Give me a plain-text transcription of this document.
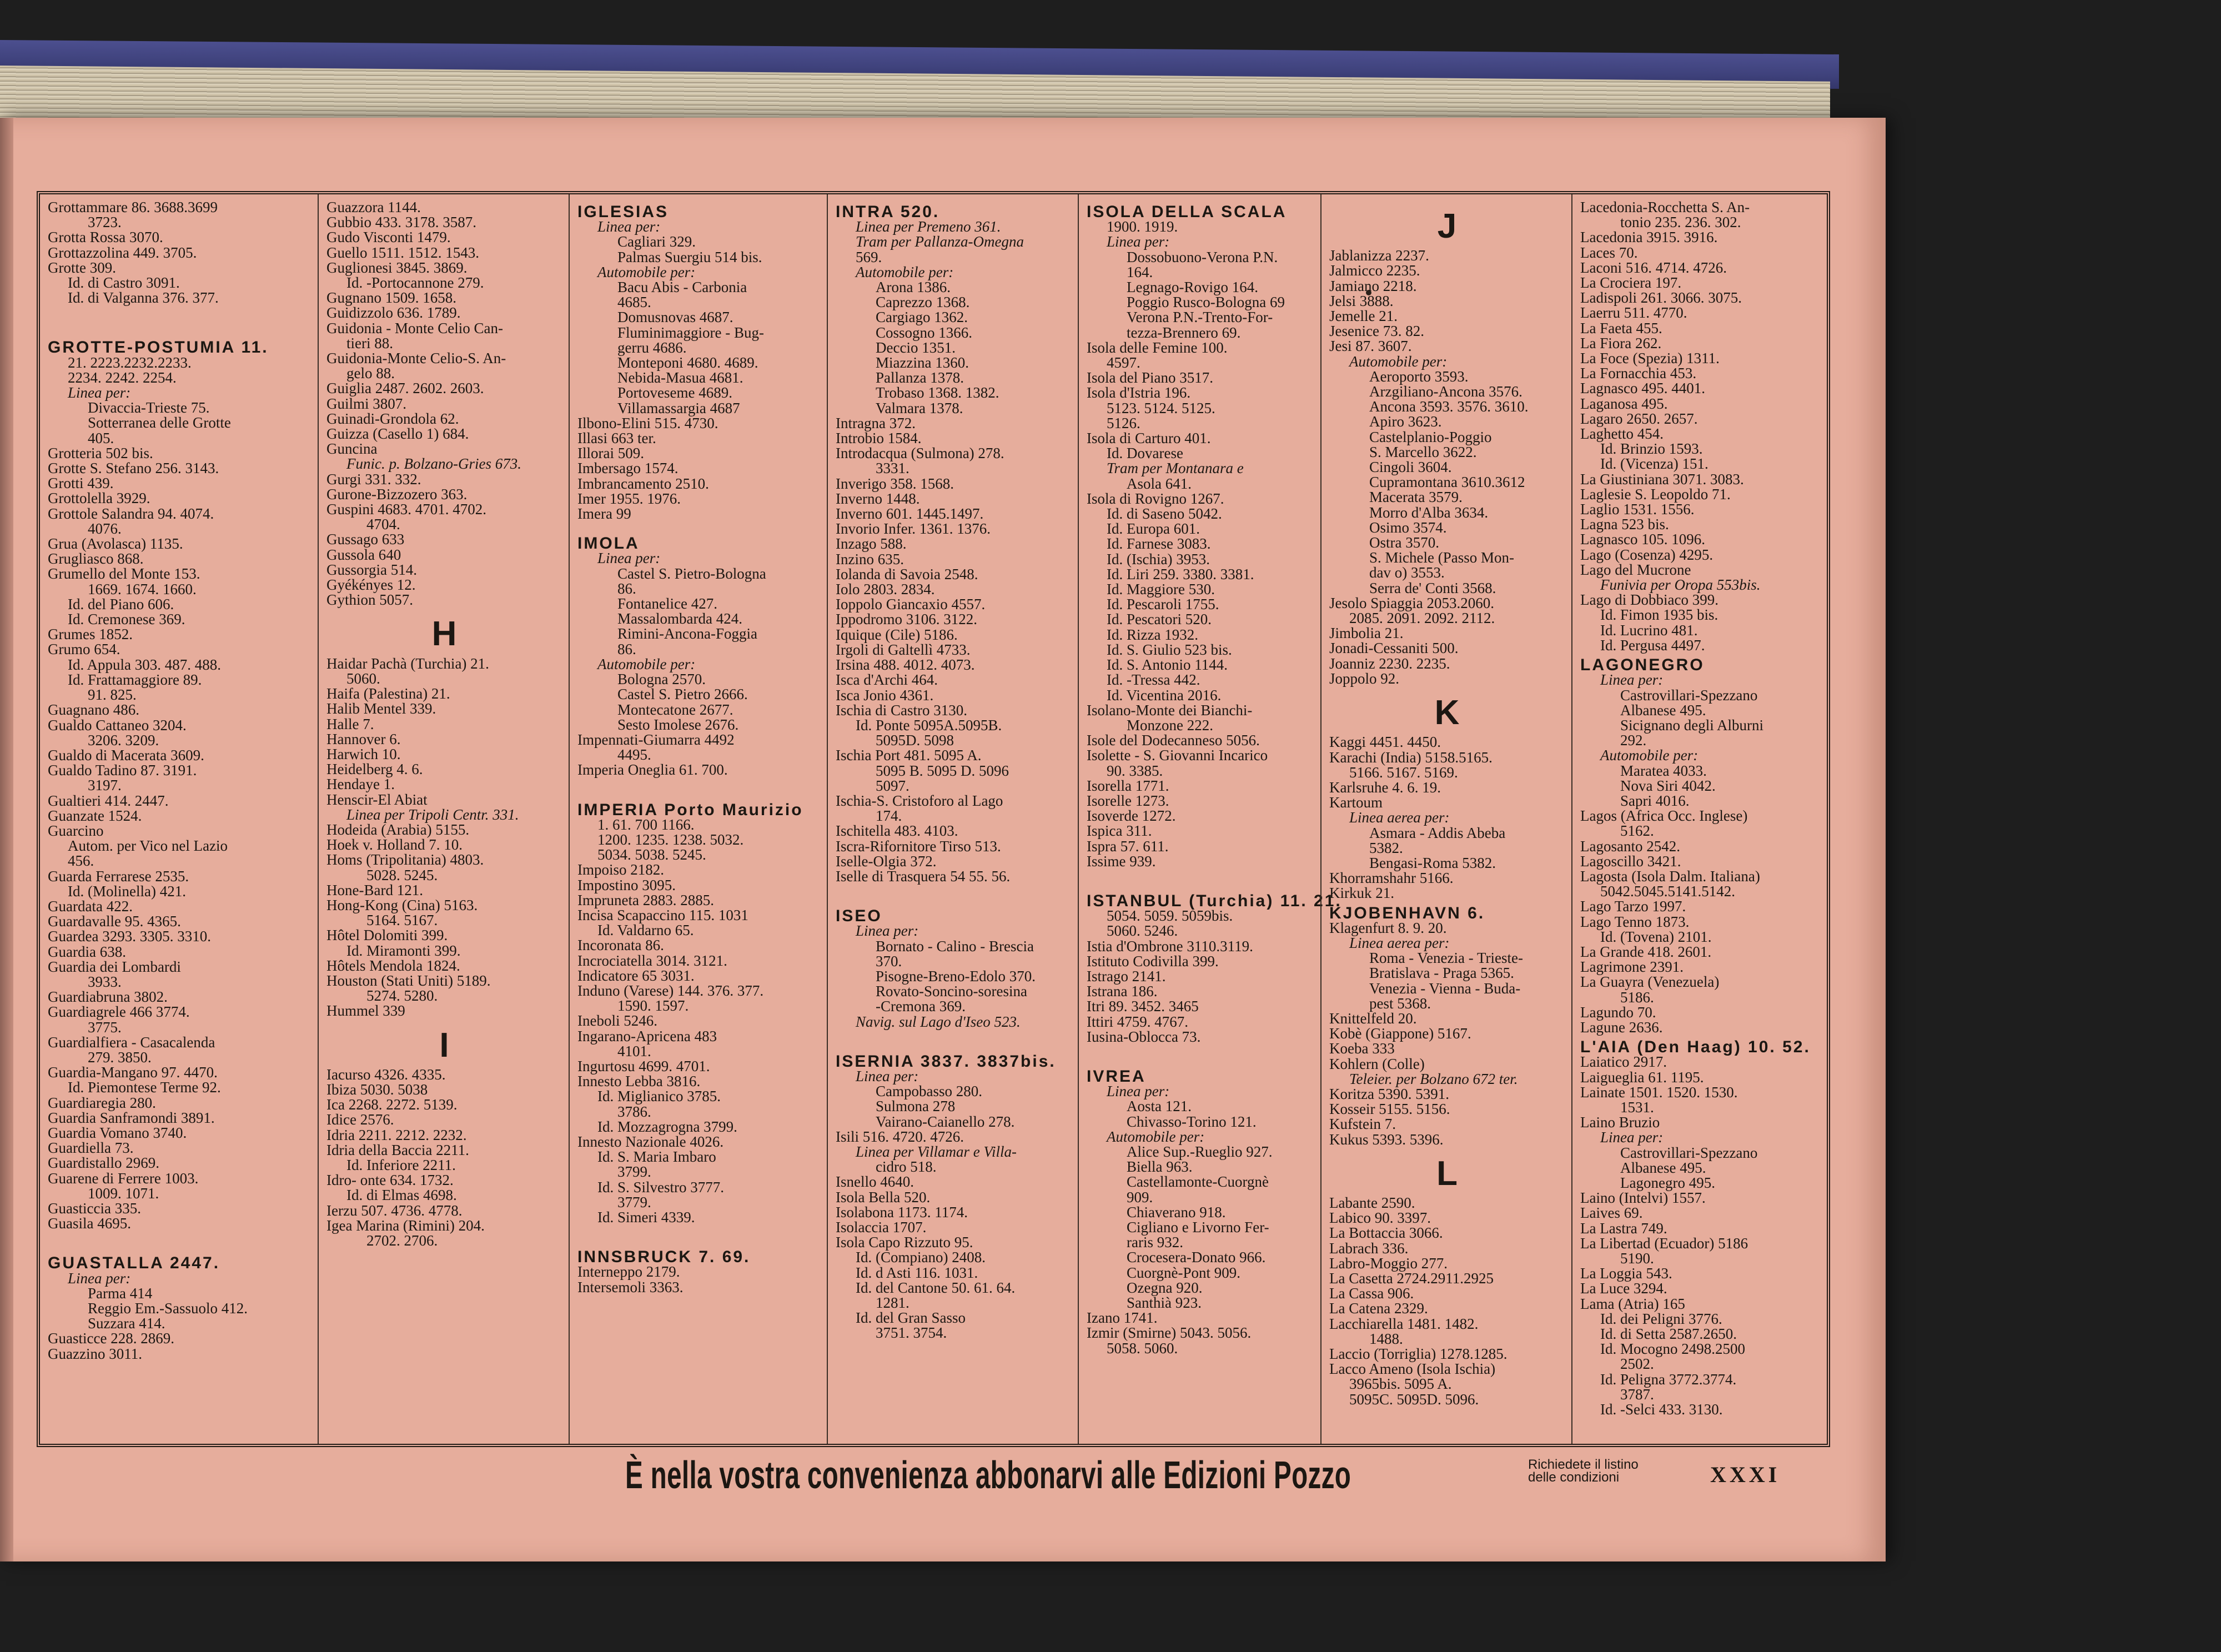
Grottammare 86. 3688.3699
3723.
Grotta Rossa 3070.
Grottazzolina 449. 3705.
Grotte 309.
Id. di Castro 3091.
Id. di Valganna 376. 377.
GROTTE-POSTUMIA 11.
21. 2223.2232.2233.
2234. 2242. 2254.
Linea per:
Divaccia-Trieste 75.
Sotterranea delle Grotte
405.
Grotteria 502 bis.
Grotte S. Stefano 256. 3143.
Grotti 439.
Grottolella 3929.
Grottole Salandra 94. 4074.
4076.
Grua (Avolasca) 1135.
Grugliasco 868.
Grumello del Monte 153.
1669. 1674. 1660.
Id. del Piano 606.
Id. Cremonese 369.
Grumes 1852.
Grumo 654.
Id. Appula 303. 487. 488.
Id. Frattamaggiore 89.
91. 825.
Guagnano 486.
Gualdo Cattaneo 3204.
3206. 3209.
Gualdo di Macerata 3609.
Gualdo Tadino 87. 3191.
3197.
Gualtieri 414. 2447.
Guanzate 1524.
Guarcino
Autom. per Vico nel Lazio
456.
Guarda Ferrarese 2535.
Id. (Molinella) 421.
Guardata 422.
Guardavalle 95. 4365.
Guardea 3293. 3305. 3310.
Guardia 638.
Guardia dei Lombardi
3933.
Guardiabruna 3802.
Guardiagrele 466 3774.
3775.
Guardialfiera - Casacalenda
279. 3850.
Guardia-Mangano 97. 4470.
Id. Piemontese Terme 92.
Guardiaregia 280.
Guardia Sanframondi 3891.
Guardia Vomano 3740.
Guardiella 73.
Guardistallo 2969.
Guarene di Ferrere 1003.
1009. 1071.
Guasticcia 335.
Guasila 4695.
GUASTALLA 2447.
Linea per:
Parma 414
Reggio Em.-Sassuolo 412.
Suzzara 414.
Guasticce 228. 2869.
Guazzino 3011.
Guazzora 1144.
Gubbio 433. 3178. 3587.
Gudo Visconti 1479.
Guello 1511. 1512. 1543.
Guglionesi 3845. 3869.
Id. -Portocannone 279.
Gugnano 1509. 1658.
Guidizzolo 636. 1789.
Guidonia - Monte Celio Can-
tieri 88.
Guidonia-Monte Celio-S. An-
gelo 88.
Guiglia 2487. 2602. 2603.
Guilmi 3807.
Guinadi-Grondola 62.
Guizza (Casello 1) 684.
Guncina
Funic. p. Bolzano-Gries 673.
Gurgi 331. 332.
Gurone-Bizzozero 363.
Guspini 4683. 4701. 4702.
4704.
Gussago 633
Gussola 640
Gussorgia 514.
Gyékényes 12.
Gythion 5057.
H
Haidar Pachà (Turchia) 21.
5060.
Haifa (Palestina) 21.
Halib Mentel 339.
Halle 7.
Hannover 6.
Harwich 10.
Heidelberg 4. 6.
Hendaye 1.
Henscir-El Abiat
Linea per Tripoli Centr. 331.
Hodeida (Arabia) 5155.
Hoek v. Holland 7. 10.
Homs (Tripolitania) 4803.
5028. 5245.
Hone-Bard 121.
Hong-Kong (Cina) 5163.
5164. 5167.
Hôtel Dolomiti 399.
Id. Miramonti 399.
Hôtels Mendola 1824.
Houston (Stati Uniti) 5189.
5274. 5280.
Hummel 339
I
Iacurso 4326. 4335.
Ibiza 5030. 5038
Ica 2268. 2272. 5139.
Idice 2576.
Idria 2211. 2212. 2232.
Idria della Baccia 2211.
Id. Inferiore 2211.
Idro- onte 634. 1732.
Id. di Elmas 4698.
Ierzu 507. 4736. 4778.
Igea Marina (Rimini) 204.
2702. 2706.
IGLESIAS
Linea per:
Cagliari 329.
Palmas Suergiu 514 bis.
Automobile per:
Bacu Abis - Carbonia
4685.
Domusnovas 4687.
Fluminimaggiore - Bug-
gerru 4686.
Monteponi 4680. 4689.
Nebida-Masua 4681.
Portoveseme 4689.
Villamassargia 4687
Ilbono-Elini 515. 4730.
Illasi 663 ter.
Illorai 509.
Imbersago 1574.
Imbrancamento 2510.
Imer 1955. 1976.
Imera 99
IMOLA
Linea per:
Castel S. Pietro-Bologna
86.
Fontanelice 427.
Massalombarda 424.
Rimini-Ancona-Foggia
86.
Automobile per:
Bologna 2570.
Castel S. Pietro 2666.
Montecatone 2677.
Sesto Imolese 2676.
Impennati-Giumarra 4492
4495.
Imperia Oneglia 61. 700.
IMPERIA Porto Maurizio
1. 61. 700 1166.
1200. 1235. 1238. 5032.
5034. 5038. 5245.
Impoiso 2182.
Impostino 3095.
Impruneta 2883. 2885.
Incisa Scapaccino 115. 1031
Id. Valdarno 65.
Incoronata 86.
Incrociatella 3014. 3121.
Indicatore 65 3031.
Induno (Varese) 144. 376. 377.
1590. 1597.
Ineboli 5246.
Ingarano-Apricena 483
4101.
Ingurtosu 4699. 4701.
Innesto Lebba 3816.
Id. Miglianico 3785.
3786.
Id. Mozzagrogna 3799.
Innesto Nazionale 4026.
Id. S. Maria Imbaro
3799.
Id. S. Silvestro 3777.
3779.
Id. Simeri 4339.
INNSBRUCK 7. 69.
Interneppo 2179.
Intersemoli 3363.
INTRA 520.
Linea per Premeno 361.
Tram per Pallanza-Omegna
569.
Automobile per:
Arona 1386.
Caprezzo 1368.
Cargiago 1362.
Cossogno 1366.
Deccio 1351.
Miazzina 1360.
Pallanza 1378.
Trobaso 1368. 1382.
Valmara 1378.
Intragna 372.
Introbio 1584.
Introdacqua (Sulmona) 278.
3331.
Inverigo 358. 1568.
Inverno 1448.
Inverno 601. 1445.1497.
Invorio Infer. 1361. 1376.
Inzago 588.
Inzino 635.
Iolanda di Savoia 2548.
Iolo 2803. 2834.
Ioppolo Giancaxio 4557.
Ippodromo 3106. 3122.
Iquique (Cile) 5186.
Irgoli di Galtellì 4733.
Irsina 488. 4012. 4073.
Isca d'Archi 464.
Isca Jonio 4361.
Ischia di Castro 3130.
Id. Ponte 5095A.5095B.
5095D. 5098
Ischia Port 481. 5095 A.
5095 B. 5095 D. 5096
5097.
Ischia-S. Cristoforo al Lago
174.
Ischitella 483. 4103.
Iscra-Rifornitore Tirso 513.
Iselle-Olgia 372.
Iselle di Trasquera 54 55. 56.
ISEO
Linea per:
Bornato - Calino - Brescia
370.
Pisogne-Breno-Edolo 370.
Rovato-Soncino-soresina
-Cremona 369.
Navig. sul Lago d'Iseo 523.
ISERNIA 3837. 3837bis.
Linea per:
Campobasso 280.
Sulmona 278
Vairano-Caianello 278.
Isili 516. 4720. 4726.
Linea per Villamar e Villa-
cidro 518.
Isnello 4640.
Isola Bella 520.
Isolabona 1173. 1174.
Isolaccia 1707.
Isola Capo Rizzuto 95.
Id. (Compiano) 2408.
Id. d Asti 116. 1031.
Id. del Cantone 50. 61. 64.
1281.
Id. del Gran Sasso
3751. 3754.
ISOLA DELLA SCALA
1900. 1919.
Linea per:
Dossobuono-Verona P.N.
164.
Legnago-Rovigo 164.
Poggio Rusco-Bologna 69
Verona P.N.-Trento-For-
tezza-Brennero 69.
Isola delle Femine 100.
4597.
Isola del Piano 3517.
Isola d'Istria 196.
5123. 5124. 5125.
5126.
Isola di Carturo 401.
Id. Dovarese
Tram per Montanara e
Asola 641.
Isola di Rovigno 1267.
Id. di Saseno 5042.
Id. Europa 601.
Id. Farnese 3083.
Id. (Ischia) 3953.
Id. Liri 259. 3380. 3381.
Id. Maggiore 530.
Id. Pescaroli 1755.
Id. Pescatori 520.
Id. Rizza 1932.
Id. S. Giulio 523 bis.
Id. S. Antonio 1144.
Id. -Tressa 442.
Id. Vicentina 2016.
Isolano-Monte dei Bianchi-
Monzone 222.
Isole del Dodecanneso 5056.
Isolette - S. Giovanni Incarico
90. 3385.
Isorella 1771.
Isorelle 1273.
Isoverde 1272.
Ispica 311.
Ispra 57. 611.
Issime 939.
ISTANBUL (Turchia) 11. 21.
5054. 5059. 5059bis.
5060. 5246.
Istia d'Ombrone 3110.3119.
Istituto Codivilla 399.
Istrago 2141.
Istrana 186.
Itri 89. 3452. 3465
Ittiri 4759. 4767.
Iusina-Oblocca 73.
IVREA
Linea per:
Aosta 121.
Chivasso-Torino 121.
Automobile per:
Alice Sup.-Rueglio 927.
Biella 963.
Castellamonte-Cuorgnè
909.
Chiaverano 918.
Cigliano e Livorno Fer-
raris 932.
Crocesera-Donato 966.
Cuorgnè-Pont 909.
Ozegna 920.
Santhià 923.
Izano 1741.
Izmir (Smirne) 5043. 5056.
5058. 5060.
J
Jablanizza 2237.
Jalmicco 2235.
Jamiano 2218.
Jelsi 3888.
Jemelle 21.
Jesenice 73. 82.
Jesi 87. 3607.
Automobile per:
Aeroporto 3593.
Arzgiliano-Ancona 3576.
Ancona 3593. 3576. 3610.
Apiro 3623.
Castelplanio-Poggio
S. Marcello 3622.
Cingoli 3604.
Cupramontana 3610.3612
Macerata 3579.
Morro d'Alba 3634.
Osimo 3574.
Ostra 3570.
S. Michele (Passo Mon-
dav o) 3553.
Serra de' Conti 3568.
Jesolo Spiaggia 2053.2060.
2085. 2091. 2092. 2112.
Jimbolia 21.
Jonadi-Cessaniti 500.
Joanniz 2230. 2235.
Joppolo 92.
K
Kaggi 4451. 4450.
Karachi (India) 5158.5165.
5166. 5167. 5169.
Karlsruhe 4. 6. 19.
Kartoum
Linea aerea per:
Asmara - Addis Abeba
5382.
Bengasi-Roma 5382.
Khorramshahr 5166.
Kirkuk 21.
KJOBENHAVN 6.
Klagenfurt 8. 9. 20.
Linea aerea per:
Roma - Venezia - Trieste-
Bratislava - Praga 5365.
Venezia - Vienna - Buda-
pest 5368.
Knittelfeld 20.
Kobè (Giappone) 5167.
Koeba 333
Kohlern (Colle)
Teleier. per Bolzano 672 ter.
Koritza 5390. 5391.
Kosseir 5155. 5156.
Kufstein 7.
Kukus 5393. 5396.
L
Labante 2590.
Labico 90. 3397.
La Bottaccia 3066.
Labrach 336.
Labro-Moggio 277.
La Casetta 2724.2911.2925
La Cassa 906.
La Catena 2329.
Lacchiarella 1481. 1482.
1488.
Laccio (Torriglia) 1278.1285.
Lacco Ameno (Isola Ischia)
3965bis. 5095 A.
5095C. 5095D. 5096.
Lacedonia-Rocchetta S. An-
tonio 235. 236. 302.
Lacedonia 3915. 3916.
Laces 70.
Laconi 516. 4714. 4726.
La Crociera 197.
Ladispoli 261. 3066. 3075.
Laerru 511. 4770.
La Faeta 455.
La Fiora 262.
La Foce (Spezia) 1311.
La Fornacchia 453.
Lagnasco 495. 4401.
Laganosa 495.
Lagaro 2650. 2657.
Laghetto 454.
Id. Brinzio 1593.
Id. (Vicenza) 151.
La Giustiniana 3071. 3083.
Laglesie S. Leopoldo 71.
Laglio 1531. 1556.
Lagna 523 bis.
Lagnasco 105. 1096.
Lago (Cosenza) 4295.
Lago del Mucrone
Funivia per Oropa 553bis.
Lago di Dobbiaco 399.
Id. Fimon 1935 bis.
Id. Lucrino 481.
Id. Pergusa 4497.
LAGONEGRO
Linea per:
Castrovillari-Spezzano
Albanese 495.
Sicignano degli Alburni
292.
Automobile per:
Maratea 4033.
Nova Siri 4042.
Sapri 4016.
Lagos (Africa Occ. Inglese)
5162.
Lagosanto 2542.
Lagoscillo 3421.
Lagosta (Isola Dalm. Italiana)
5042.5045.5141.5142.
Lago Tarzo 1997.
Lago Tenno 1873.
Id. (Tovena) 2101.
La Grande 418. 2601.
Lagrimone 2391.
La Guayra (Venezuela)
5186.
Lagundo 70.
Lagune 2636.
L'AIA (Den Haag) 10. 52.
Laiatico 2917.
Laigueglia 61. 1195.
Lainate 1501. 1520. 1530.
1531.
Laino Bruzio
Linea per:
Castrovillari-Spezzano
Albanese 495.
Lagonegro 495.
Laino (Intelvi) 1557.
Laives 69.
La Lastra 749.
La Libertad (Ecuador) 5186
5190.
La Loggia 543.
La Luce 3294.
Lama (Atria) 165
Id. dei Peligni 3776.
Id. di Setta 2587.2650.
Id. Mocogno 2498.2500
2502.
Id. Peligna 3772.3774.
3787.
Id. -Selci 433. 3130.
È nella vostra convenienza abbonarvi alle Edizioni Pozzo	Richiedete il listino
delle condizioni	XXXI
